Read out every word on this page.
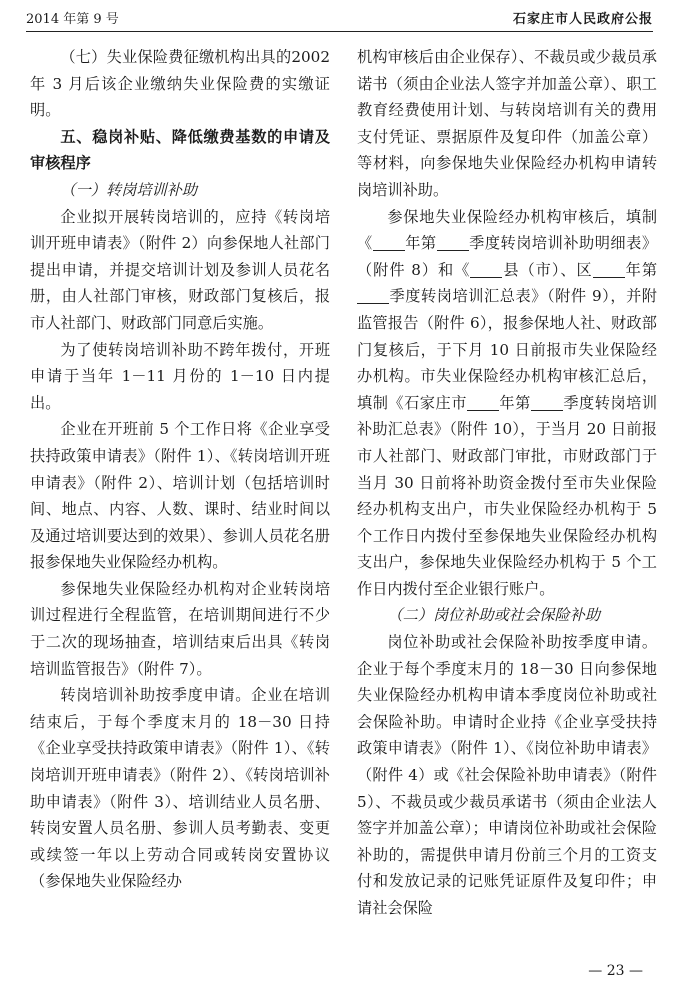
2014 年第 9 号	石家庄市人民政府公报

（七）失业保险费征缴机构出具的2002 年 3 月后该企业缴纳失业保险费的实缴证明。

五、稳岗补贴、降低缴费基数的申请及审核程序

（一）转岗培训补助

企业拟开展转岗培训的，应持《转岗培训开班申请表》（附件 2）向参保地人社部门提出申请，并提交培训计划及参训人员花名册，由人社部门审核，财政部门复核后，报市人社部门、财政部门同意后实施。

为了使转岗培训补助不跨年拨付，开班申请于当年 1－11 月份的 1－10 日内提出。

企业在开班前 5 个工作日将《企业享受扶持政策申请表》（附件 1）、《转岗培训开班申请表》（附件 2）、培训计划（包括培训时间、地点、内容、人数、课时、结业时间以及通过培训要达到的效果）、参训人员花名册报参保地失业保险经办机构。

参保地失业保险经办机构对企业转岗培训过程进行全程监管，在培训期间进行不少于二次的现场抽查，培训结束后出具《转岗培训监管报告》（附件 7）。

转岗培训补助按季度申请。企业在培训结束后，于每个季度末月的 18－30 日持《企业享受扶持政策申请表》（附件 1）、《转岗培训开班申请表》（附件 2）、《转岗培训补助申请表》（附件 3）、培训结业人员名册、转岗安置人员名册、参训人员考勤表、变更或续签一年以上劳动合同或转岗安置协议（参保地失业保险经办

机构审核后由企业保存）、不裁员或少裁员承诺书（须由企业法人签字并加盖公章）、职工教育经费使用计划、与转岗培训有关的费用支付凭证、票据原件及复印件（加盖公章）等材料，向参保地失业保险经办机构申请转岗培训补助。

参保地失业保险经办机构审核后，填制《 年第 季度转岗培训补助明细表》（附件 8）和《 县（市）、区 年第季度转岗培训汇总表》（附件 9），并附监管报告（附件 6），报参保地人社、财政部门复核后，于下月 10 日前报市失业保险经办机构。市失业保险经办机构审核汇总后，填制《石家庄市 年第 季度转岗培训补助汇总表》（附件 10），于当月 20 日前报市人社部门、财政部门审批，市财政部门于当月 30 日前将补助资金拨付至市失业保险经办机构支出户，市失业保险经办机构于 5 个工作日内拨付至参保地失业保险经办机构支出户，参保地失业保险经办机构于 5 个工作日内拨付至企业银行账户。

（二）岗位补助或社会保险补助

岗位补助或社会保险补助按季度申请。企业于每个季度末月的 18－30 日向参保地失业保险经办机构申请本季度岗位补助或社会保险补助。申请时企业持《企业享受扶持政策申请表》（附件 1）、《岗位补助申请表》（附件 4）或《社会保险补助申请表》（附件 5）、不裁员或少裁员承诺书（须由企业法人签字并加盖公章）；申请岗位补助或社会保险补助的，需提供申请月份前三个月的工资支付和发放记录的记账凭证原件及复印件；申请社会保险

— 23 —
